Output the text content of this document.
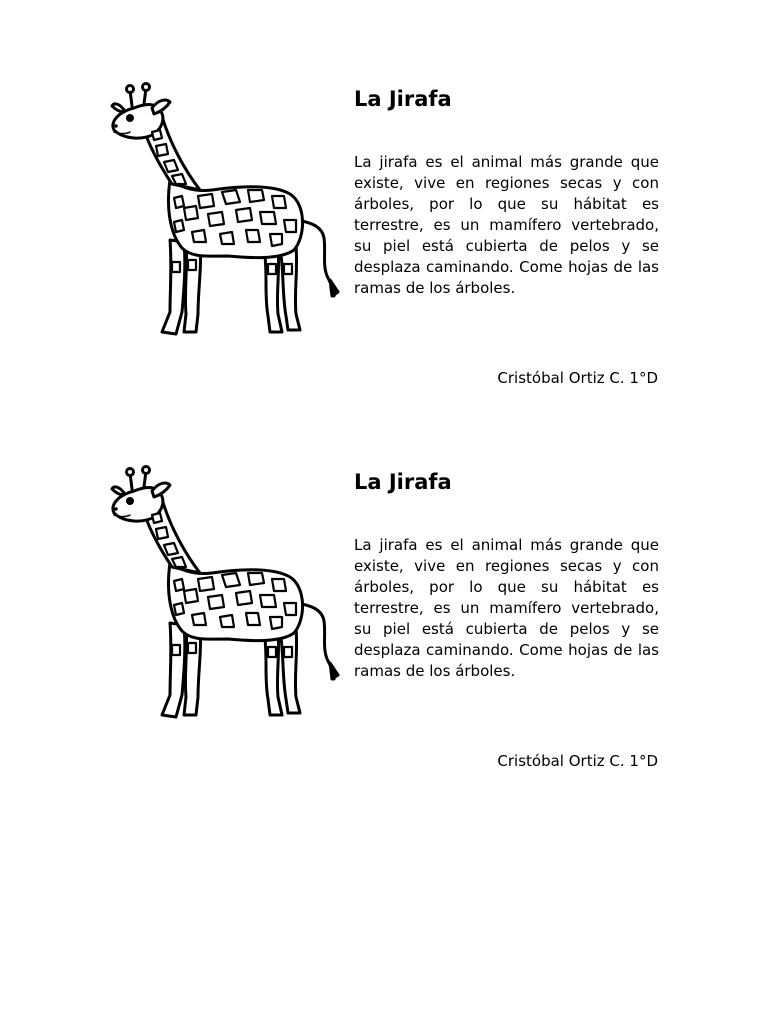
La Jirafa

La jirafa es el animal más grande que existe, vive en regiones secas y con árboles, por lo que su hábitat es terrestre, es un mamífero vertebrado, su piel está cubierta de pelos y se desplaza caminando. Come hojas de las ramas de los árboles.

Cristóbal Ortiz C. 1°D

La Jirafa

La jirafa es el animal más grande que existe, vive en regiones secas y con árboles, por lo que su hábitat es terrestre, es un mamífero vertebrado, su piel está cubierta de pelos y se desplaza caminando. Come hojas de las ramas de los árboles.

Cristóbal Ortiz C. 1°D
